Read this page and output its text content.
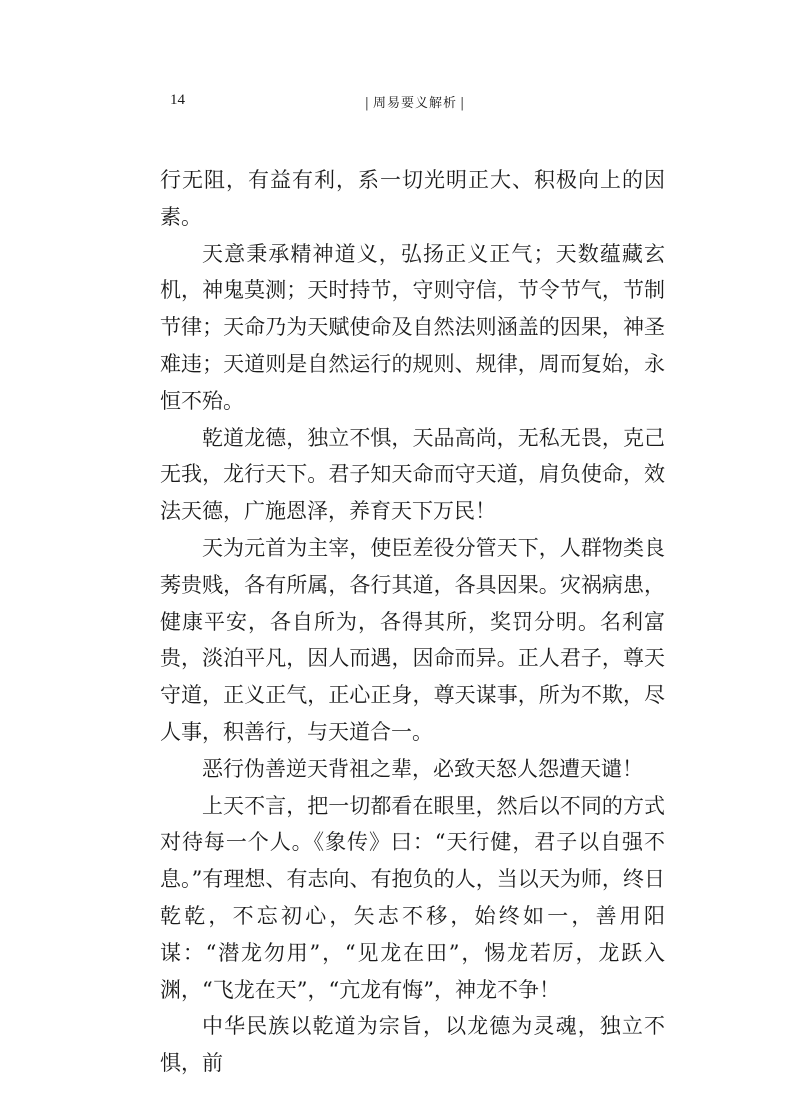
14	| 周易要义解析 |

行无阻，有益有利，系一切光明正大、积极向上的因素。

天意秉承精神道义，弘扬正义正气；天数蕴藏玄机，神鬼莫测；天时持节，守则守信，节令节气，节制节律；天命乃为天赋使命及自然法则涵盖的因果，神圣难违；天道则是自然运行的规则、规律，周而复始，永恒不殆。

乾道龙德，独立不惧，天品高尚，无私无畏，克己无我，龙行天下。君子知天命而守天道，肩负使命，效法天德，广施恩泽，养育天下万民！

天为元首为主宰，使臣差役分管天下，人群物类良莠贵贱，各有所属，各行其道，各具因果。灾祸病患，健康平安，各自所为，各得其所，奖罚分明。名利富贵，淡泊平凡，因人而遇，因命而异。正人君子，尊天守道，正义正气，正心正身，尊天谋事，所为不欺，尽人事，积善行，与天道合一。

恶行伪善逆天背祖之辈，必致天怒人怨遭天谴！

上天不言，把一切都看在眼里，然后以不同的方式对待每一个人。《象传》曰：“天行健，君子以自强不息。”有理想、有志向、有抱负的人，当以天为师，终日乾乾，不忘初心，矢志不移，始终如一，善用阳谋：“潜龙勿用”，“见龙在田”，惕龙若厉，龙跃入渊，“飞龙在天”，“亢龙有悔”，神龙不争！

中华民族以乾道为宗旨，以龙德为灵魂，独立不惧，前
